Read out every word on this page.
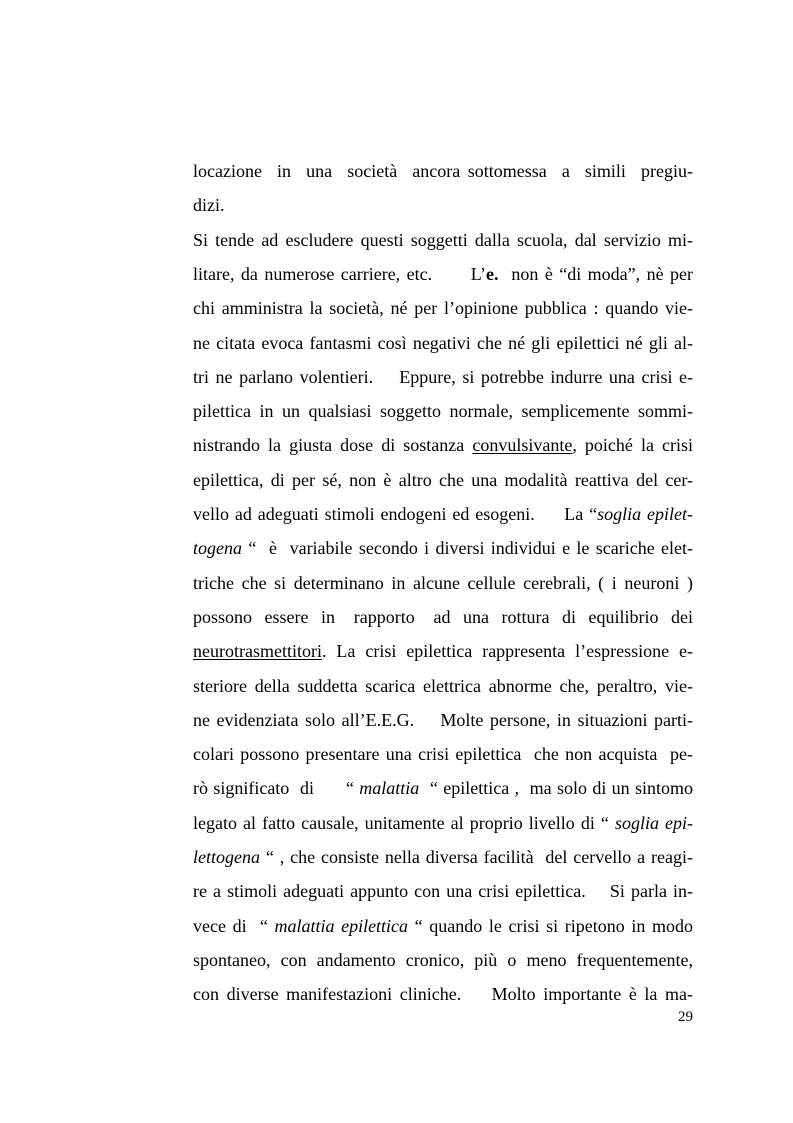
locazione  in  una  società  ancora sottomessa  a  simili  pregiu-
dizi.
Si tende ad escludere questi soggetti dalla scuola, dal servizio mi-
litare, da numerose carriere, etc.      L’e.  non è “di moda”, nè per
chi amministra la società, né per l’opinione pubblica : quando vie-
ne citata evoca fantasmi così negativi che né gli epilettici né gli al-
tri ne parlano volentieri.    Eppure, si potrebbe indurre una crisi e-
pilettica in un qualsiasi soggetto normale, semplicemente sommi-
nistrando la giusta dose di sostanza convulsivante, poiché la crisi
epilettica, di per sé, non è altro che una modalità reattiva del cer-
vello ad adeguati stimoli endogeni ed esogeni.     La “soglia epilet-
togena “  è  variabile secondo i diversi individui e le scariche elet-
triche che si determinano in alcune cellule cerebrali, ( i neuroni )
possono  essere  in   rapporto   ad  una  rottura  di  equilibrio  dei
neurotrasmettitori. La crisi epilettica rappresenta l’espressione e-
steriore della suddetta scarica elettrica abnorme che, peraltro, vie-
ne evidenziata solo all’E.E.G.    Molte persone, in situazioni parti-
colari possono presentare una crisi epilettica  che non acquista  pe-
rò significato  di      “ malattia  “ epilettica ,  ma solo di un sintomo
legato al fatto causale, unitamente al proprio livello di “ soglia epi-
lettogena “ , che consiste nella diversa facilità  del cervello a reagi-
re a stimoli adeguati appunto con una crisi epilettica.    Si parla in-
vece di  “ malattia epilettica “ quando le crisi si ripetono in modo
spontaneo, con andamento cronico, più o meno frequentemente,
con diverse manifestazioni cliniche.    Molto importante è la ma-
29
